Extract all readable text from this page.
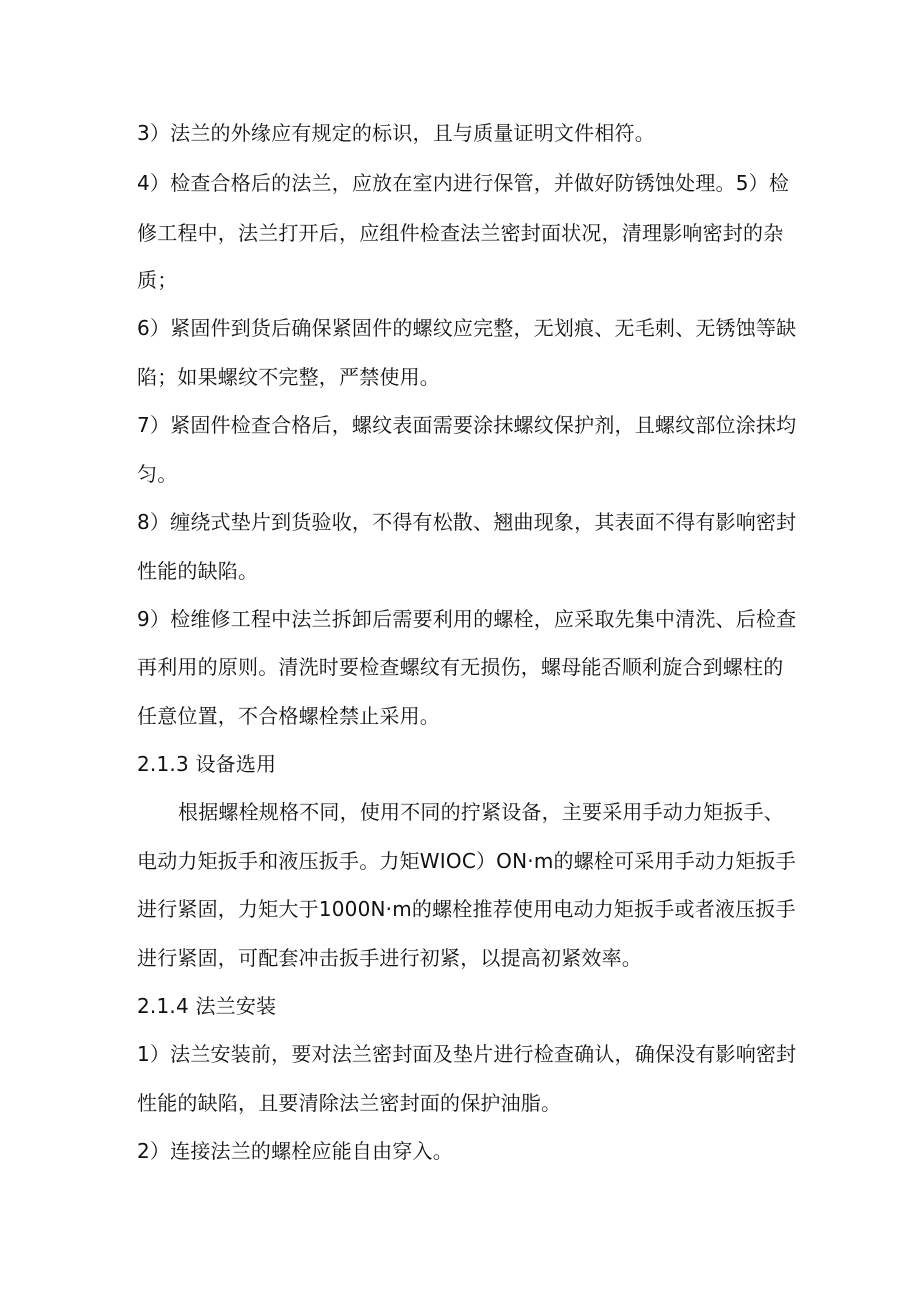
3）法兰的外缘应有规定的标识，且与质量证明文件相符。
4）检查合格后的法兰，应放在室内进行保管，并做好防锈蚀处理。5）检
修工程中，法兰打开后，应组件检查法兰密封面状况，清理影响密封的杂
质；
6）紧固件到货后确保紧固件的螺纹应完整，无划痕、无毛刺、无锈蚀等缺
陷；如果螺纹不完整，严禁使用。
7）紧固件检查合格后，螺纹表面需要涂抹螺纹保护剂，且螺纹部位涂抹均
匀。
8）缠绕式垫片到货验收，不得有松散、翘曲现象，其表面不得有影响密封
性能的缺陷。
9）检维修工程中法兰拆卸后需要利用的螺栓，应采取先集中清洗、后检查
再利用的原则。清洗时要检查螺纹有无损伤，螺母能否顺利旋合到螺柱的
任意位置，不合格螺栓禁止采用。
2.1.3 设备选用
根据螺栓规格不同，使用不同的拧紧设备，主要采用手动力矩扳手、
电动力矩扳手和液压扳手。力矩WIOC）ON·m的螺栓可采用手动力矩扳手
进行紧固，力矩大于1000N·m的螺栓推荐使用电动力矩扳手或者液压扳手
进行紧固，可配套冲击扳手进行初紧，以提高初紧效率。
2.1.4 法兰安装
1）法兰安装前，要对法兰密封面及垫片进行检查确认，确保没有影响密封
性能的缺陷，且要清除法兰密封面的保护油脂。
2）连接法兰的螺栓应能自由穿入。
